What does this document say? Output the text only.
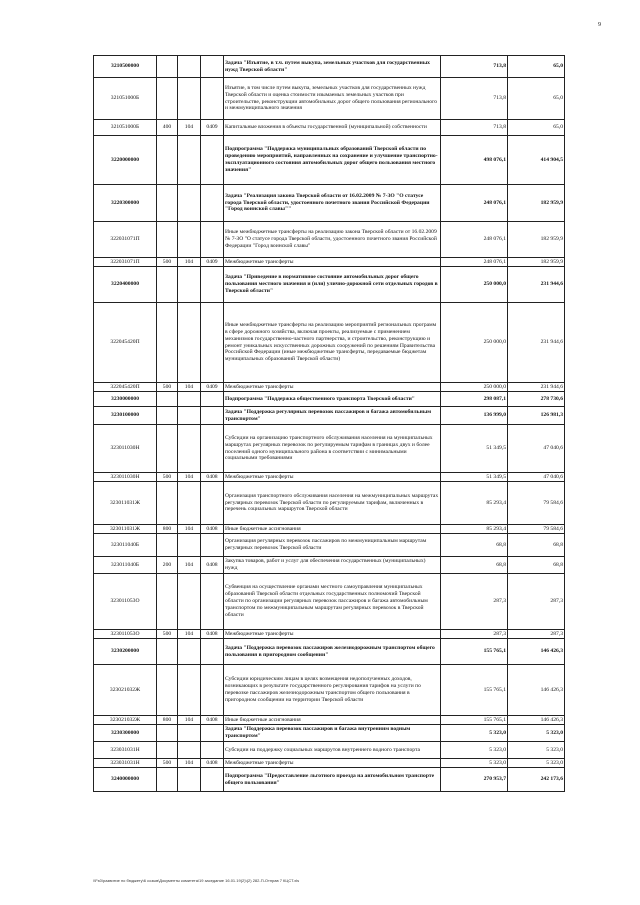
9
3210500000				Задача "Изъятие, в т.ч. путем выкупа, земельных участков для государственных нужд Тверской области"	713,8	65,0
321051000Б				Изъятие, в том числе путем выкупа, земельных участков для государственных нужд Тверской области и оценка стоимости изымаемых земельных участков при строительстве, реконструкции автомобильных дорог общего пользования регионального и межмуниципального значения	713,8	65,0
321051000Б	400	104	0409	Капитальные вложения в объекты государственной (муниципальной) собственности	713,8	65,0
3220000000				Подпрограмма "Поддержка муниципальных образований Тверской области по проведению мероприятий, направленных на сохранение и улучшение транспортно-эксплуатационного состояния автомобильных дорог общего пользования местного значения"	498 076,1	414 904,5
3220300000				Задача "Реализация закона Тверской области от 16.02.2009 № 7-ЗО "О статусе города Тверской области, удостоенного почетного звания Российской Федерации "Город воинской славы""	248 076,1	182 959,9
322031071П				Иные межбюджетные трансферты на реализацию закона Тверской области от 16.02.2009 № 7-ЗО "О статусе города Тверской области, удостоенного почетного звания Российской Федерации "Город воинской славы"	248 076,1	182 959,9
322031071П	500	104	0409	Межбюджетные трансферты	248 076,1	182 959,9
3220400000				Задача "Приведение в нормативное состояние автомобильных дорог общего пользования местного значения и (или) улично-дорожной сети отдельных городов в Тверской области"	250 000,0	231 944,6
322045420П				Иные межбюджетные трансферты на реализацию мероприятий региональных программ в сфере дорожного хозяйства, включая проекты, реализуемые с применением механизмов государственно-частного партнерства, и строительство, реконструкцию и ремонт уникальных искусственных дорожных сооружений по решениям Правительства Российской Федерации (иные межбюджетные трансферты, передаваемые бюджетам муниципальных образований Тверской области)	250 000,0	231 944,6
322045420П	500	104	0409	Межбюджетные трансферты	250 000,0	231 944,6
3230000000				Подпрограмма "Поддержка общественного транспорта Тверской области"	298 087,1	278 730,6
3230100000				Задача "Поддержка регулярных перевозок пассажиров и багажа автомобильным транспортом"	136 999,0	126 981,3
323011030Н				Субсидии на организацию транспортного обслуживания населения на муниципальных маршрутах регулярных перевозок по регулируемым тарифам в границах двух и более поселений одного муниципального района в соответствии с минимальными социальными требованиями	51 349,5	47 040,6
323011030Н	500	104	0408	Межбюджетные трансферты	51 349,5	47 040,6
323011031Ж				Организация транспортного обслуживания населения на межмуниципальных маршрутах регулярных перевозок Тверской области по регулируемым тарифам, включенных в перечень социальных маршрутов Тверской области	85 293,4	79 584,6
323011031Ж	800	104	0408	Иные бюджетные ассигнования	85 293,4	79 584,6
323011040Б				Организация регулярных перевозок пассажиров по межмуниципальным маршрутам регулярных перевозок Тверской области	68,8	68,8
323011040Б	200	104	0408	Закупка товаров, работ и услуг для обеспечения государственных (муниципальных) нужд	68,8	68,8
323011053О				Субвенция на осуществление органами местного самоуправления муниципальных образований Тверской области отдельных государственных полномочий Тверской области по организации регулярных перевозок пассажиров и багажа автомобильным транспортом по межмуниципальным маршрутам регулярных перевозок в Тверской области	287,3	287,3
323011053О	500	104	0408	Межбюджетные трансферты	287,3	287,3
3230200000				Задача "Поддержка перевозок пассажиров железнодорожным транспортом общего пользования в пригородном сообщении"	155 765,1	146 426,3
323021032Ж				Субсидии юридическим лицам в целях возмещения недополученных доходов, возникающих в результате государственного регулирования тарифов на услуги по перевозке пассажиров железнодорожным транспортом общего пользования в пригородном сообщении на территории Тверской области	155 765,1	146 426,3
323021032Ж	800	104	0408	Иные бюджетные ассигнования	155 765,1	146 426,3
3230300000				Задача "Поддержка перевозок пассажиров и багажа внутренним водным транспортом"	5 323,0	5 323,0
323031031Н				Субсидии на поддержку социальных маршрутов внутреннего водного транспорта	5 323,0	5 323,0
323031031Н	500	104	0408	Межбюджетные трансферты	5 323,0	5 323,0
3240000000				Подпрограмма "Предоставление льготного проезда на автомобильном транспорте общего пользования"	270 953,7	242 173,6
\\Fs0\развитие по бюджету\6 созыв\Документы комитета\19 заседание 16.01.19(2)\(2) 282-П-Отправ 7 КЦСТ.xls
